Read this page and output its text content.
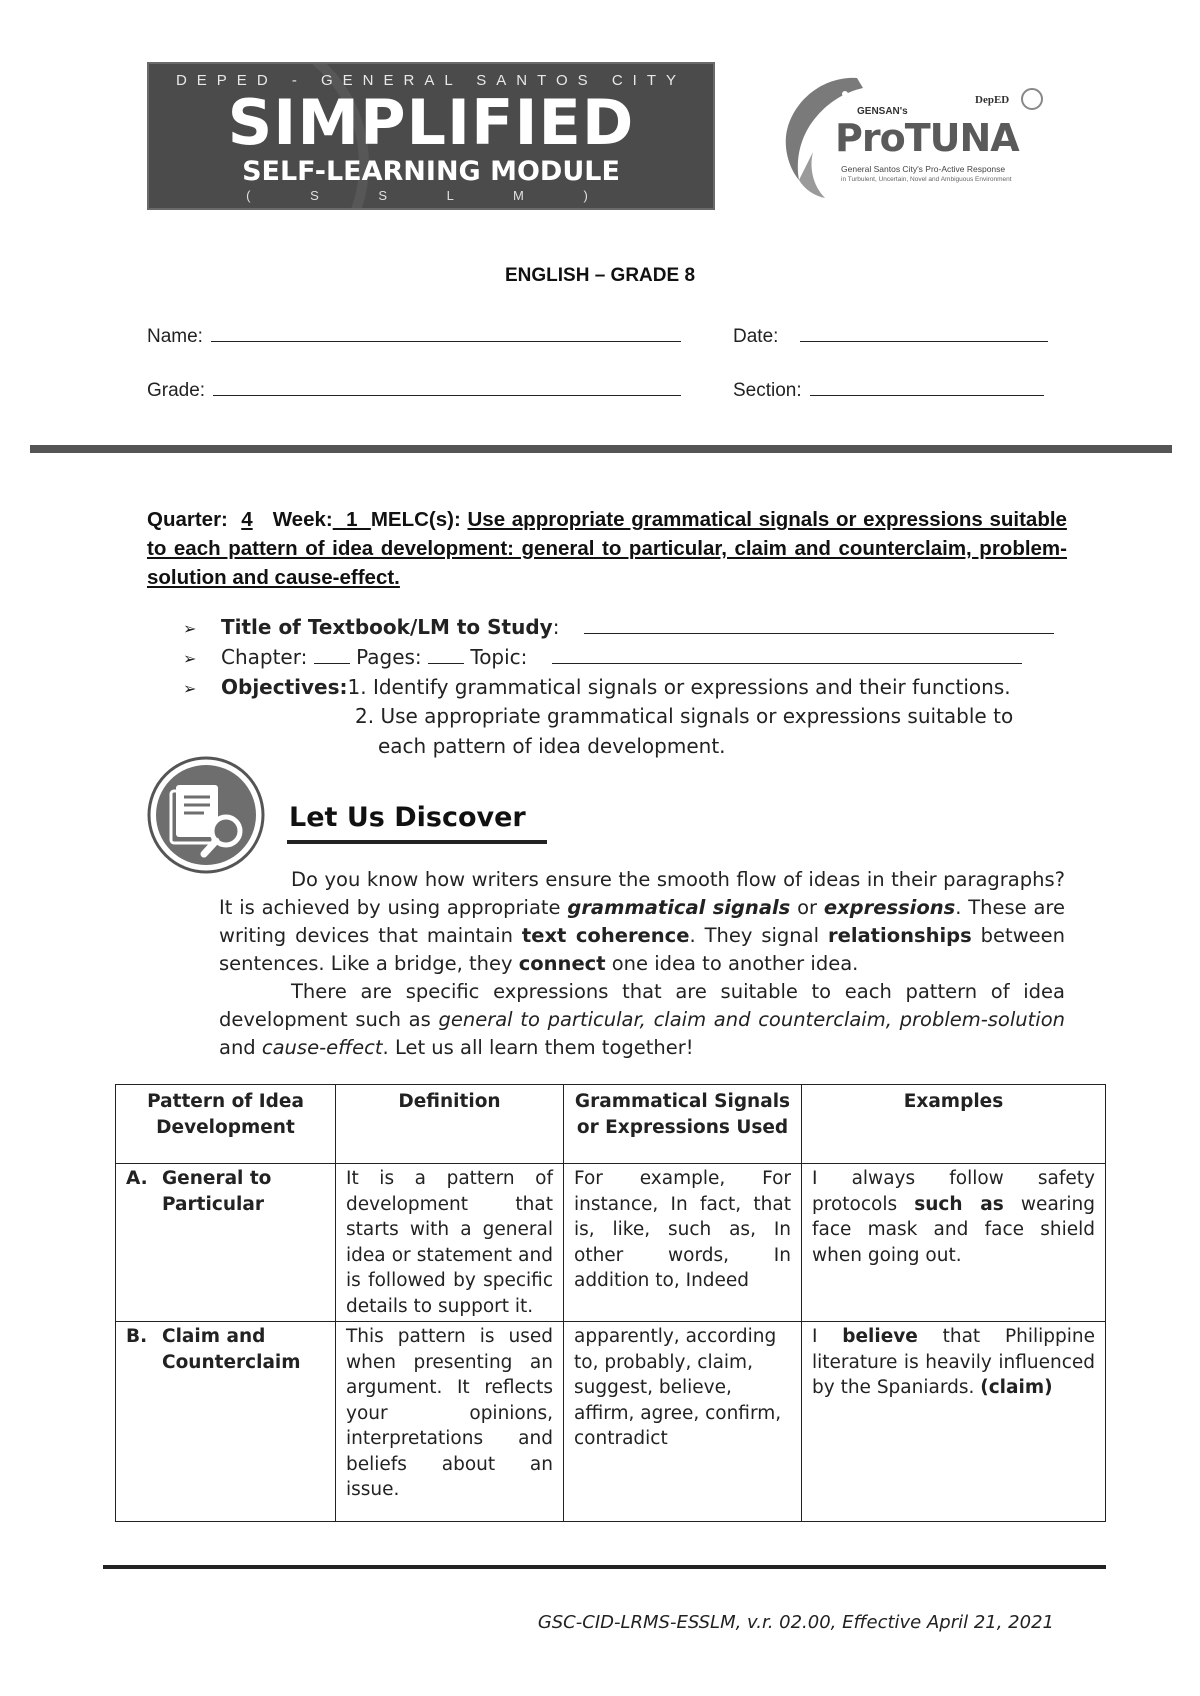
DEPED - GENERAL SANTOS CITY
SIMPLIFIED
SELF-LEARNING MODULE
( S S L M )
GENSAN's
ProTUNA
DepED
General Santos City's Pro-Active Response
in Turbulent, Uncertain, Novel and Ambiguous Environment
ENGLISH – GRADE 8
Name:	Date:
Grade:	Section:
Quarter: 4 Week: 1 MELC(s): Use appropriate grammatical signals or expressions suitable to each pattern of idea development: general to particular, claim and counterclaim, problem-solution and cause-effect.
➢ Title of Textbook/LM to Study:
➢ Chapter: Pages: Topic:
➢ Objectives:1. Identify grammatical signals or expressions and their functions.
2. Use appropriate grammatical signals or expressions suitable to
each pattern of idea development.
Let Us Discover

Do you know how writers ensure the smooth flow of ideas in their paragraphs? It is achieved by using appropriate grammatical signals or expressions. These are writing devices that maintain text coherence. They signal relationships between sentences. Like a bridge, they connect one idea to another idea.

There are specific expressions that are suitable to each pattern of idea development such as general to particular, claim and counterclaim, problem-solution and cause-effect. Let us all learn them together!

Pattern of Idea Development	Definition	Grammatical Signals or Expressions Used	Examples

A. General to Particular	It is a pattern of development that starts with a general idea or statement and is followed by specific details to support it.	For example, For instance, In fact, that is, like, such as, In other words, In addition to, Indeed	I always follow safety protocols such as wearing face mask and face shield when going out.

B. Claim and Counterclaim	This pattern is used when presenting an argument. It reflects your opinions, interpretations and beliefs about an issue.	apparently, according to, probably, claim, suggest, believe, affirm, agree, confirm, contradict	I believe that Philippine literature is heavily influenced by the Spaniards. (claim)
GSC-CID-LRMS-ESSLM, v.r. 02.00, Effective April 21, 2021
